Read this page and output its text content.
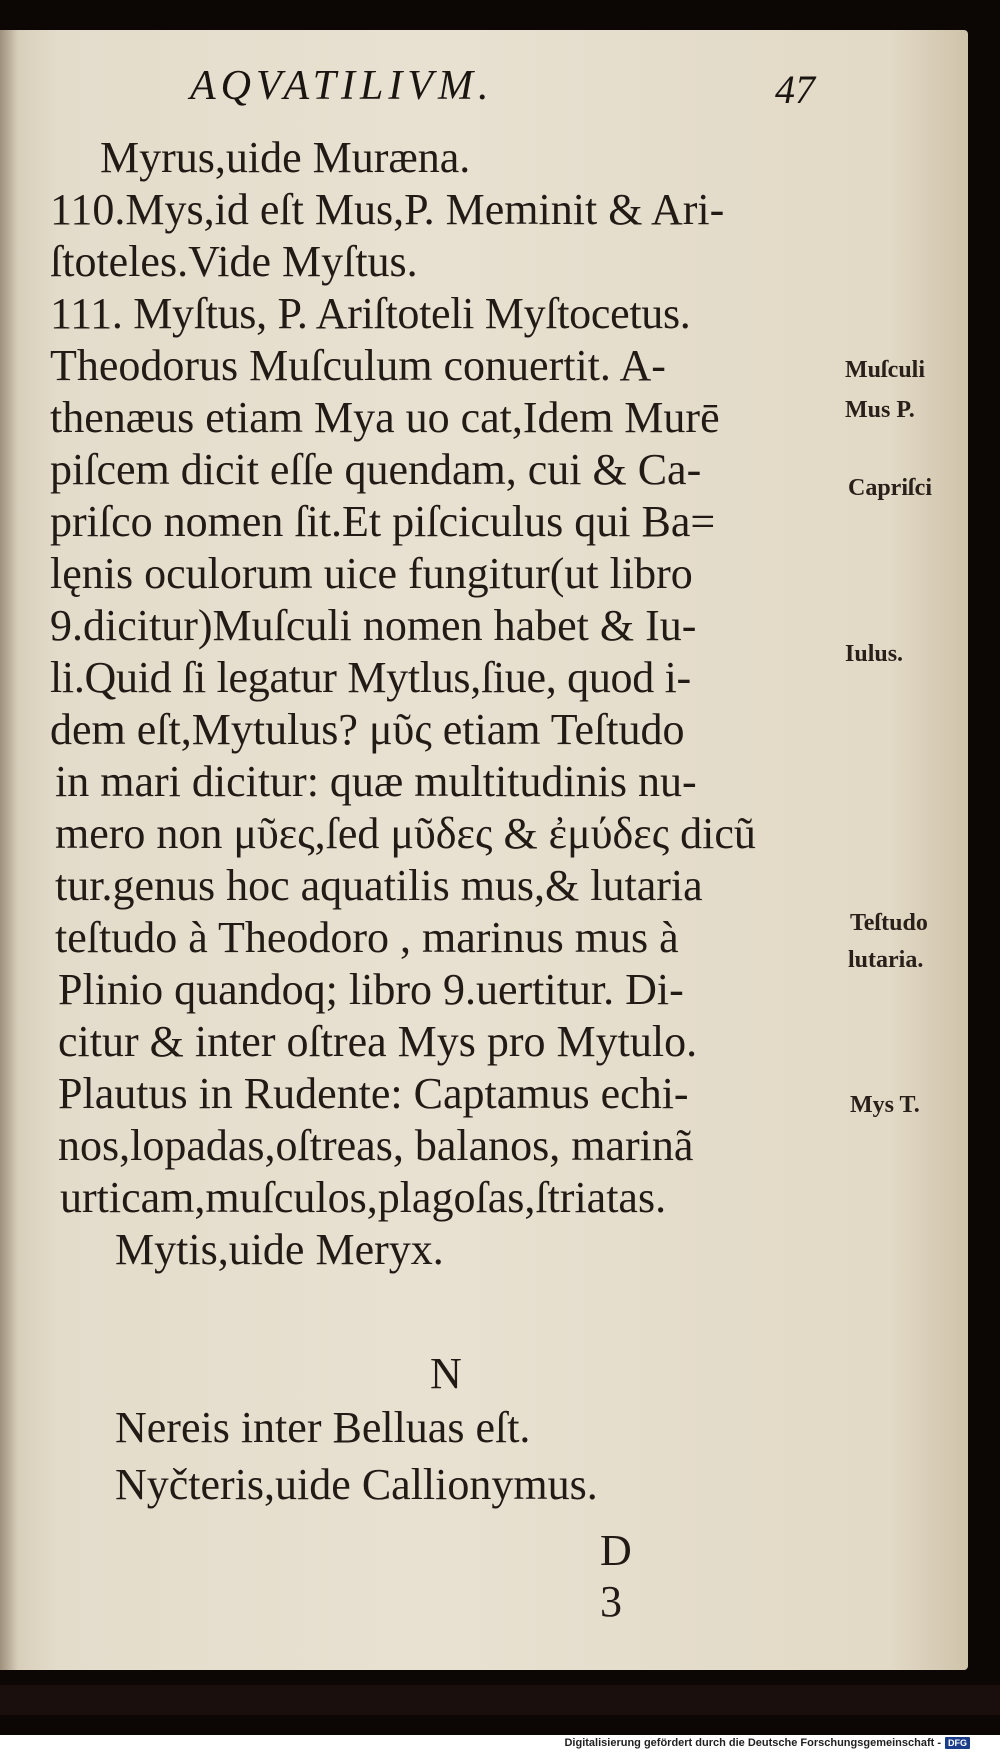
AQVATILIVM.	47
Myrus,uide Muræna.
110.Mys,id eſt Mus,P. Meminit & Ari-
ſtoteles.Vide Myſtus.
111. Myſtus, P. Ariſtoteli Myſtocetus.
Theodorus Muſculum conuertit. A-
thenæus etiam Mya uo cat,Idem Murē
piſcem dicit eſſe quendam, cui & Ca-
priſco nomen ſit.Et piſciculus qui Ba=
lęnis oculorum uice fungitur(ut libro
9.dicitur)Muſculi nomen habet & Iu-
li.Quid ſi legatur Mytlus,ſiue, quod i-
dem eſt,Mytulus? μῦς etiam Teſtudo
in mari dicitur: quæ multitudinis nu-
mero non μῦες,ſed μῦδες & ἐμύδες dicũ
tur.genus hoc aquatilis mus,& lutaria
teſtudo à Theodoro , marinus mus à
Plinio quandoq; libro 9.uertitur. Di-
citur & inter oſtrea Mys pro Mytulo.
Plautus in Rudente: Captamus echi-
nos,lopadas,oſtreas, balanos, marinã
urticam,muſculos,plagoſas,ſtriatas.
Mytis,uide Meryx.
N
Nereis inter Belluas eſt.
Nyčteris,uide Callionymus.
D 3
Muſculi
Mus P.
Capriſci
Iulus.
Teſtudo
lutaria.
Mys T.
Digitalisierung gefördert durch die Deutsche Forschungsgemeinschaft - DFG
